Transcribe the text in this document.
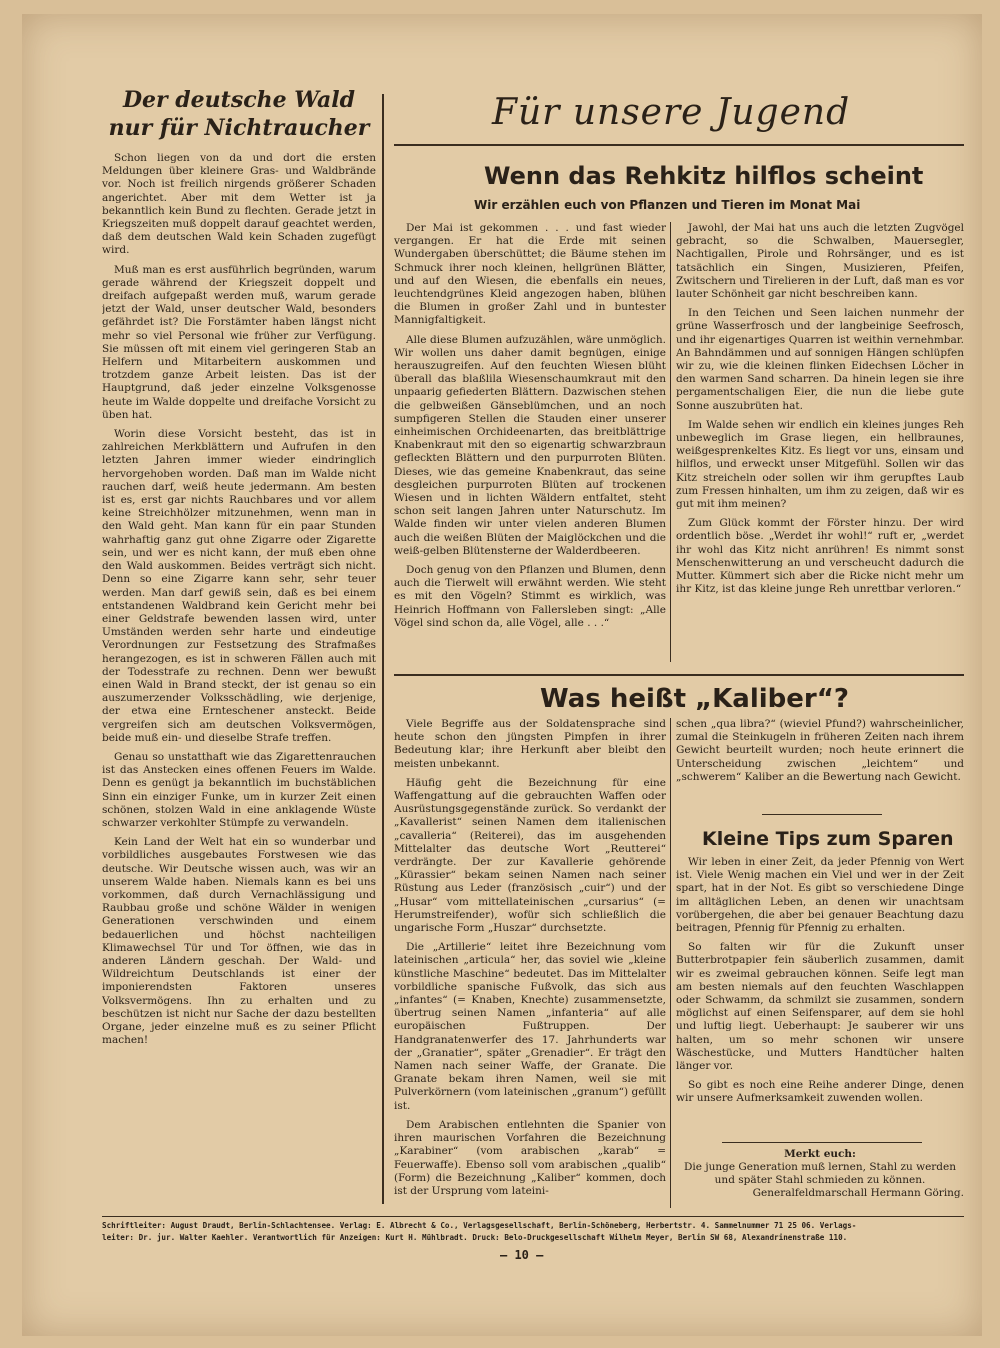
Der deutsche Wald
nur für Nichtraucher

Schon liegen von da und dort die ersten Meldungen über kleinere Gras- und Waldbrände vor. Noch ist freilich nirgends größerer Schaden angerichtet. Aber mit dem Wetter ist ja bekanntlich kein Bund zu flechten. Gerade jetzt in Kriegszeiten muß doppelt darauf geachtet werden, daß dem deutschen Wald kein Schaden zugefügt wird.

Muß man es erst ausführlich begründen, warum gerade während der Kriegszeit doppelt und dreifach aufgepaßt werden muß, warum gerade jetzt der Wald, unser deutscher Wald, besonders gefährdet ist? Die Forstämter haben längst nicht mehr so viel Personal wie früher zur Verfügung. Sie müssen oft mit einem viel geringeren Stab an Helfern und Mitarbeitern auskommen und trotzdem ganze Arbeit leisten. Das ist der Hauptgrund, daß jeder einzelne Volksgenosse heute im Walde doppelte und dreifache Vorsicht zu üben hat.

Worin diese Vorsicht besteht, das ist in zahlreichen Merkblättern und Aufrufen in den letzten Jahren immer wieder eindringlich hervorgehoben worden. Daß man im Walde nicht rauchen darf, weiß heute jedermann. Am besten ist es, erst gar nichts Rauchbares und vor allem keine Streichhölzer mitzunehmen, wenn man in den Wald geht. Man kann für ein paar Stunden wahrhaftig ganz gut ohne Zigarre oder Zigarette sein, und wer es nicht kann, der muß eben ohne den Wald auskommen. Beides verträgt sich nicht. Denn so eine Zigarre kann sehr, sehr teuer werden. Man darf gewiß sein, daß es bei einem entstandenen Waldbrand kein Gericht mehr bei einer Geldstrafe bewenden lassen wird, unter Umständen werden sehr harte und eindeutige Verordnungen zur Festsetzung des Strafmaßes herangezogen, es ist in schweren Fällen auch mit der Todesstrafe zu rechnen. Denn wer bewußt einen Wald in Brand steckt, der ist genau so ein auszumerzender Volksschädling, wie derjenige, der etwa eine Ernteschener ansteckt. Beide vergreifen sich am deutschen Volksvermögen, beide muß ein- und dieselbe Strafe treffen.

Genau so unstatthaft wie das Zigarettenrauchen ist das Anstecken eines offenen Feuers im Walde. Denn es genügt ja bekanntlich im buchstäblichen Sinn ein einziger Funke, um in kurzer Zeit einen schönen, stolzen Wald in eine anklagende Wüste schwarzer verkohlter Stümpfe zu verwandeln.

Kein Land der Welt hat ein so wunderbar und vorbildliches ausgebautes Forstwesen wie das deutsche. Wir Deutsche wissen auch, was wir an unserem Walde haben. Niemals kann es bei uns vorkommen, daß durch Vernachlässigung und Raubbau große und schöne Wälder in wenigen Generationen verschwinden und einem bedauerlichen und höchst nachteiligen Klimawechsel Tür und Tor öffnen, wie das in anderen Ländern geschah. Der Wald- und Wildreichtum Deutschlands ist einer der imponierendsten Faktoren unseres Volksvermögens. Ihn zu erhalten und zu beschützen ist nicht nur Sache der dazu bestellten Organe, jeder einzelne muß es zu seiner Pflicht machen!

Für unsere Jugend
Wenn das Rehkitz hilflos scheint
Wir erzählen euch von Pflanzen und Tieren im Monat Mai

Der Mai ist gekommen . . . und fast wieder vergangen. Er hat die Erde mit seinen Wundergaben überschüttet; die Bäume stehen im Schmuck ihrer noch kleinen, hellgrünen Blätter, und auf den Wiesen, die ebenfalls ein neues, leuchtendgrünes Kleid angezogen haben, blühen die Blumen in großer Zahl und in buntester Mannigfaltigkeit.

Alle diese Blumen aufzuzählen, wäre unmöglich. Wir wollen uns daher damit begnügen, einige herauszugreifen. Auf den feuchten Wiesen blüht überall das blaßlila Wiesenschaumkraut mit den unpaarig gefiederten Blättern. Dazwischen stehen die gelbweißen Gänseblümchen, und an noch sumpfigeren Stellen die Stauden einer unserer einheimischen Orchideenarten, das breitblättrige Knabenkraut mit den so eigenartig schwarzbraun gefleckten Blättern und den purpurroten Blüten. Dieses, wie das gemeine Knabenkraut, das seine desgleichen purpurroten Blüten auf trockenen Wiesen und in lichten Wäldern entfaltet, steht schon seit langen Jahren unter Naturschutz. Im Walde finden wir unter vielen anderen Blumen auch die weißen Blüten der Maiglöckchen und die weiß-gelben Blütensterne der Walderdbeeren.

Doch genug von den Pflanzen und Blumen, denn auch die Tierwelt will erwähnt werden. Wie steht es mit den Vögeln? Stimmt es wirklich, was Heinrich Hoffmann von Fallersleben singt: „Alle Vögel sind schon da, alle Vögel, alle . . .“

Jawohl, der Mai hat uns auch die letzten Zugvögel gebracht, so die Schwalben, Mauersegler, Nachtigallen, Pirole und Rohrsänger, und es ist tatsächlich ein Singen, Musizieren, Pfeifen, Zwitschern und Tirelieren in der Luft, daß man es vor lauter Schönheit gar nicht beschreiben kann.

In den Teichen und Seen laichen nunmehr der grüne Wasserfrosch und der langbeinige Seefrosch, und ihr eigenartiges Quarren ist weithin vernehmbar. An Bahndämmen und auf sonnigen Hängen schlüpfen wir zu, wie die kleinen flinken Eidechsen Löcher in den warmen Sand scharren. Da hinein legen sie ihre pergamentschaligen Eier, die nun die liebe gute Sonne auszubrüten hat.

Im Walde sehen wir endlich ein kleines junges Reh unbeweglich im Grase liegen, ein hellbraunes, weißgesprenkeltes Kitz. Es liegt vor uns, einsam und hilflos, und erweckt unser Mitgefühl. Sollen wir das Kitz streicheln oder sollen wir ihm gerupftes Laub zum Fressen hinhalten, um ihm zu zeigen, daß wir es gut mit ihm meinen?

Zum Glück kommt der Förster hinzu. Der wird ordentlich böse. „Werdet ihr wohl!“ ruft er, „werdet ihr wohl das Kitz nicht anrühren! Es nimmt sonst Menschenwitterung an und verscheucht dadurch die Mutter. Kümmert sich aber die Ricke nicht mehr um ihr Kitz, ist das kleine junge Reh unrettbar verloren.“

Was heißt „Kaliber“?

Viele Begriffe aus der Soldatensprache sind heute schon den jüngsten Pimpfen in ihrer Bedeutung klar; ihre Herkunft aber bleibt den meisten unbekannt.

Häufig geht die Bezeichnung für eine Waffengattung auf die gebrauchten Waffen oder Ausrüstungsgegenstände zurück. So verdankt der „Kavallerist“ seinen Namen dem italienischen „cavalleria“ (Reiterei), das im ausgehenden Mittelalter das deutsche Wort „Reutterei“ verdrängte. Der zur Kavallerie gehörende „Kürassier“ bekam seinen Namen nach seiner Rüstung aus Leder (französisch „cuir“) und der „Husar“ vom mittellateinischen „cursarius“ (= Herumstreifender), wofür sich schließlich die ungarische Form „Huszar“ durchsetzte.

Die „Artillerie“ leitet ihre Bezeichnung vom lateinischen „articula“ her, das soviel wie „kleine künstliche Maschine“ bedeutet. Das im Mittelalter vorbildliche spanische Fußvolk, das sich aus „infantes“ (= Knaben, Knechte) zusammensetzte, übertrug seinen Namen „infanteria“ auf alle europäischen Fußtruppen. Der Handgranatenwerfer des 17. Jahrhunderts war der „Granatier“, später „Grenadier“. Er trägt den Namen nach seiner Waffe, der Granate. Die Granate bekam ihren Namen, weil sie mit Pulverkörnern (vom lateinischen „granum“) gefüllt ist.

Dem Arabischen entlehnten die Spanier von ihren maurischen Vorfahren die Bezeichnung „Karabiner“ (vom arabischen „karab“ = Feuerwaffe). Ebenso soll vom arabischen „qualib“ (Form) die Bezeichnung „Kaliber“ kommen, doch ist der Ursprung vom lateini-

schen „qua libra?“ (wieviel Pfund?) wahrscheinlicher, zumal die Steinkugeln in früheren Zeiten nach ihrem Gewicht beurteilt wurden; noch heute erinnert die Unterscheidung zwischen „leichtem“ und „schwerem“ Kaliber an die Bewertung nach Gewicht.

Kleine Tips zum Sparen

Wir leben in einer Zeit, da jeder Pfennig von Wert ist. Viele Wenig machen ein Viel und wer in der Zeit spart, hat in der Not. Es gibt so verschiedene Dinge im alltäglichen Leben, an denen wir unachtsam vorübergehen, die aber bei genauer Beachtung dazu beitragen, Pfennig für Pfennig zu erhalten.

So falten wir für die Zukunft unser Butterbrotpapier fein säuberlich zusammen, damit wir es zweimal gebrauchen können. Seife legt man am besten niemals auf den feuchten Waschlappen oder Schwamm, da schmilzt sie zusammen, sondern möglichst auf einen Seifensparer, auf dem sie hohl und luftig liegt. Ueberhaupt: Je sauberer wir uns halten, um so mehr schonen wir unsere Wäschestücke, und Mutters Handtücher halten länger vor.

So gibt es noch eine Reihe anderer Dinge, denen wir unsere Aufmerksamkeit zuwenden wollen.

Merkt euch:
Die junge Generation muß lernen, Stahl zu werden und später Stahl schmieden zu können.
Generalfeldmarschall Hermann Göring.
Schriftleiter: August Draudt, Berlin-Schlachtensee. Verlag: E. Albrecht & Co., Verlagsgesellschaft, Berlin-Schöneberg, Herbertstr. 4. Sammelnummer 71 25 06. Verlags-
leiter: Dr. jur. Walter Kaehler. Verantwortlich für Anzeigen: Kurt H. Mühlbradt. Druck: Belo-Druckgesellschaft Wilhelm Meyer, Berlin SW 68, Alexandrinenstraße 110.
— 10 —
